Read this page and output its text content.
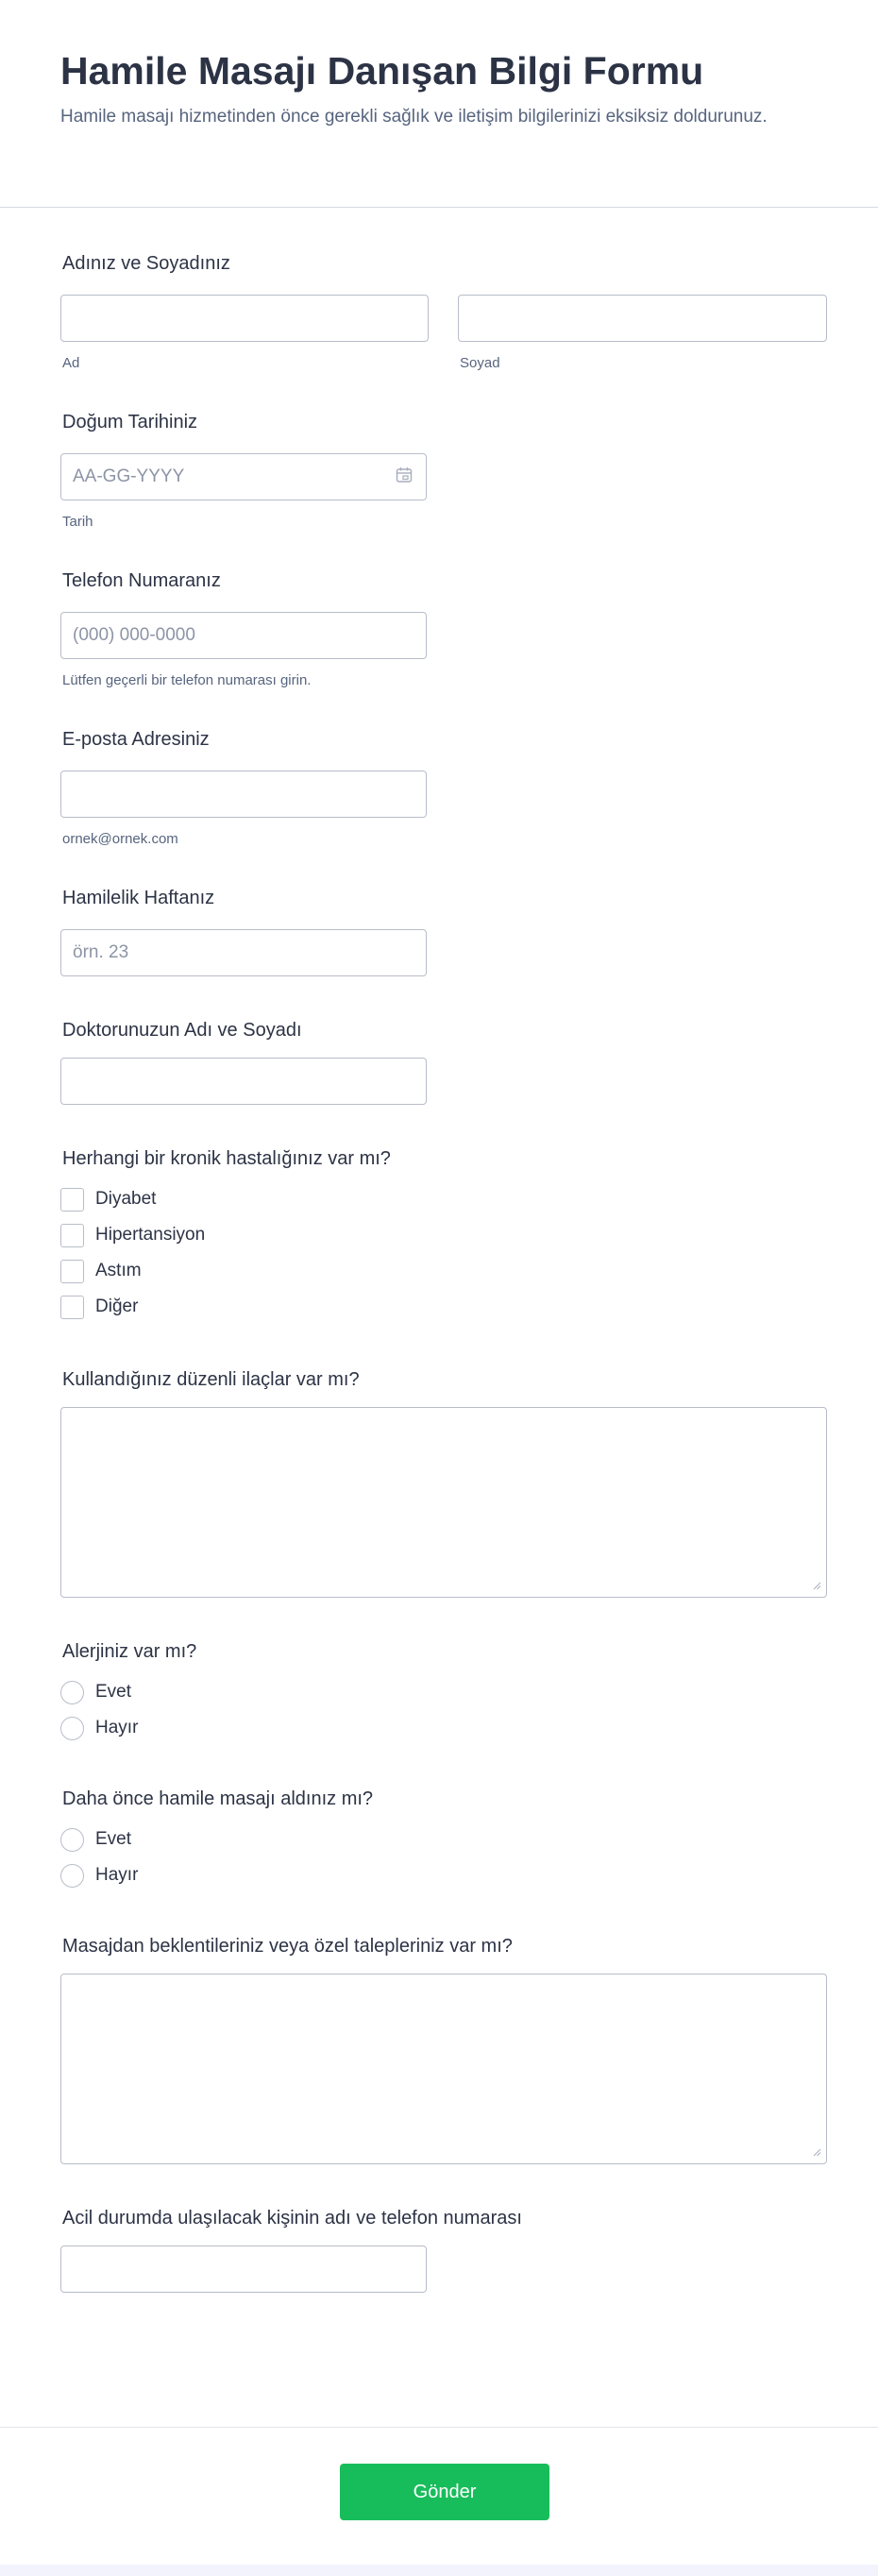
Hamile Masajı Danışan Bilgi Formu

Hamile masajı hizmetinden önce gerekli sağlık ve iletişim bilgilerinizi eksiksiz doldurunuz.

Adınız ve Soyadınız
Ad	Soyad
Doğum Tarihiniz
AA-GG-YYYY
Tarih
Telefon Numaranız
(000) 000-0000
Lütfen geçerli bir telefon numarası girin.
E-posta Adresiniz
ornek@ornek.com
Hamilelik Haftanız
örn. 23
Doktorunuzun Adı ve Soyadı
Herhangi bir kronik hastalığınız var mı?
Diyabet
Hipertansiyon
Astım
Diğer
Kullandığınız düzenli ilaçlar var mı?
Alerjiniz var mı?
Evet
Hayır
Daha önce hamile masajı aldınız mı?
Evet
Hayır
Masajdan beklentileriniz veya özel talepleriniz var mı?
Acil durumda ulaşılacak kişinin adı ve telefon numarası
Gönder
